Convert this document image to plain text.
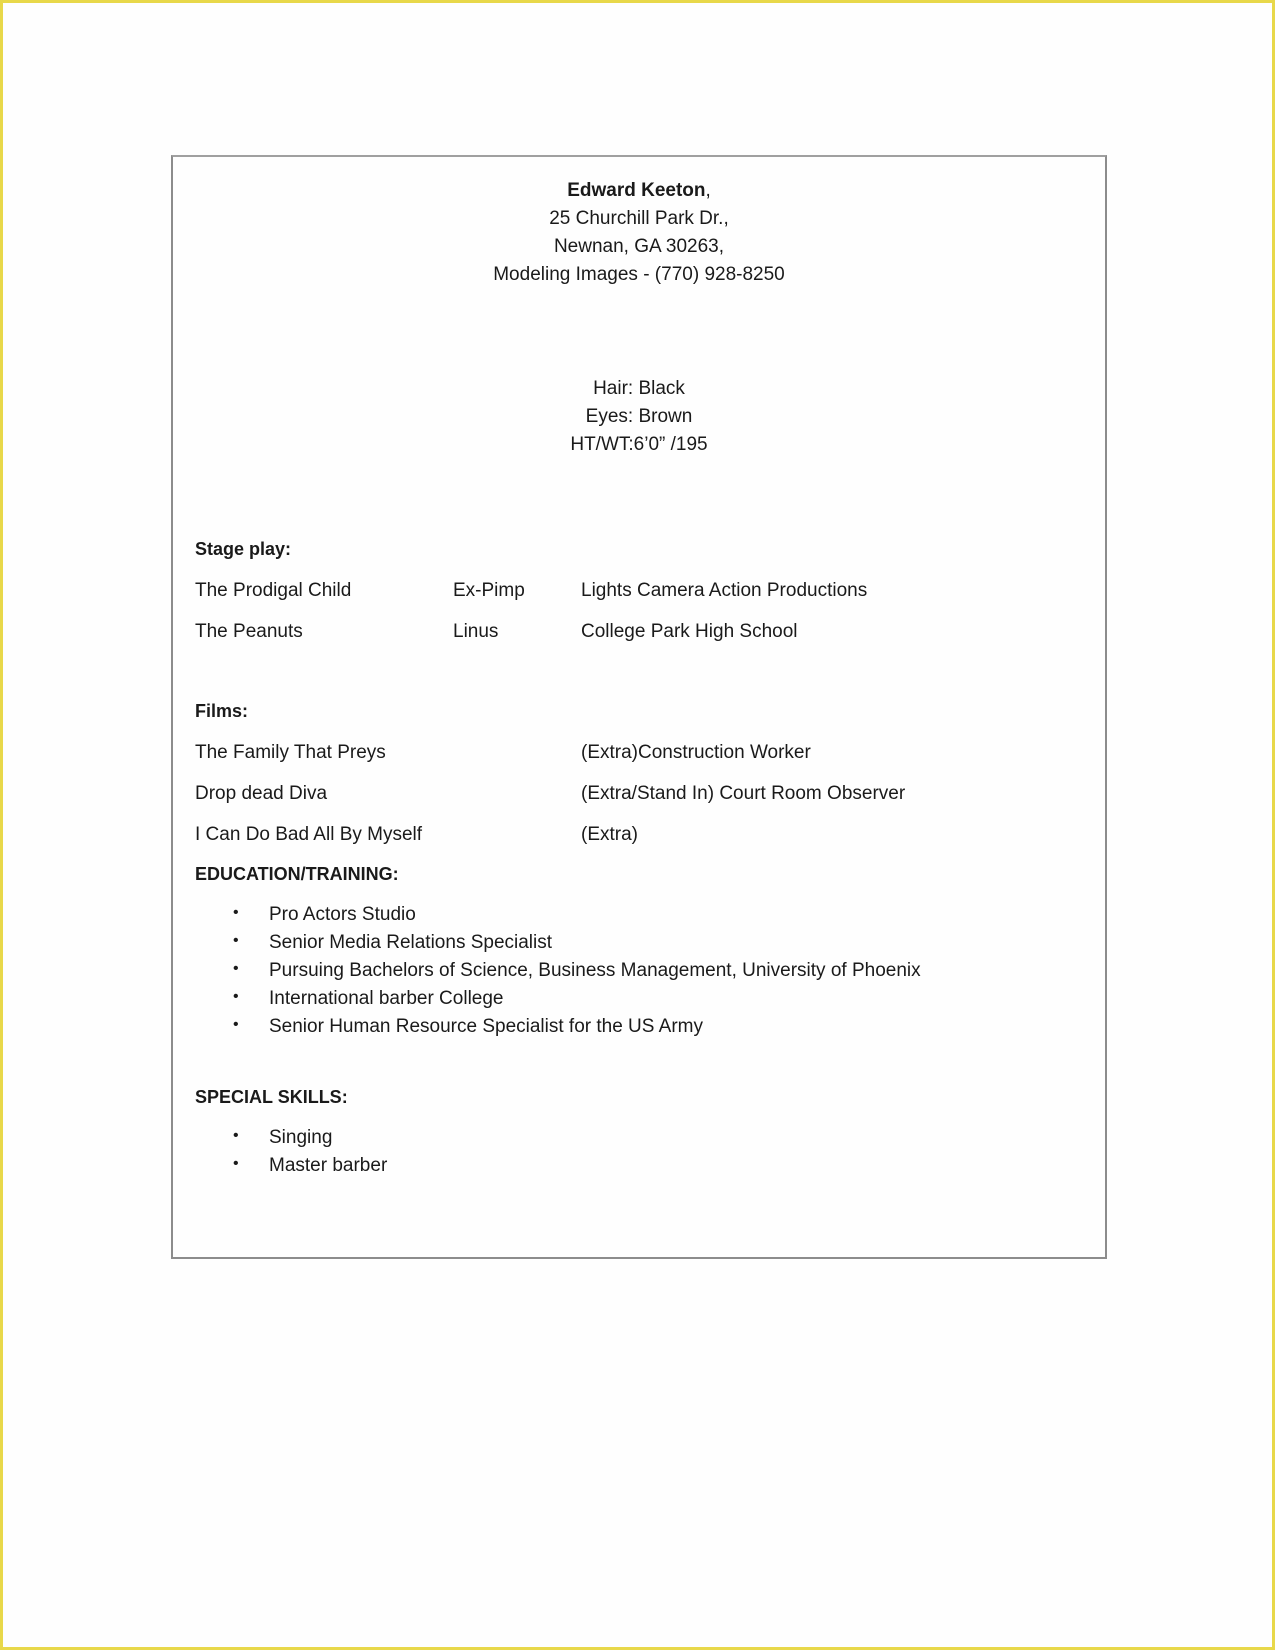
Edward Keeton,
25 Churchill Park Dr.,
Newnan, GA 30263,
Modeling Images - (770) 928-8250
Hair: Black
Eyes: Brown
HT/WT:6’0” /195
Stage play:
The Prodigal Child	Ex-Pimp	Lights Camera Action Productions
The Peanuts	Linus	College Park High School
Films:
The Family That Preys	(Extra)Construction Worker
Drop dead Diva	(Extra/Stand In) Court Room Observer
I Can Do Bad All By Myself	(Extra)
EDUCATION/TRAINING:
• Pro Actors Studio
• Senior Media Relations Specialist
• Pursuing Bachelors of Science, Business Management, University of Phoenix
• International barber College
• Senior Human Resource Specialist for the US Army
SPECIAL SKILLS:
• Singing
• Master barber
